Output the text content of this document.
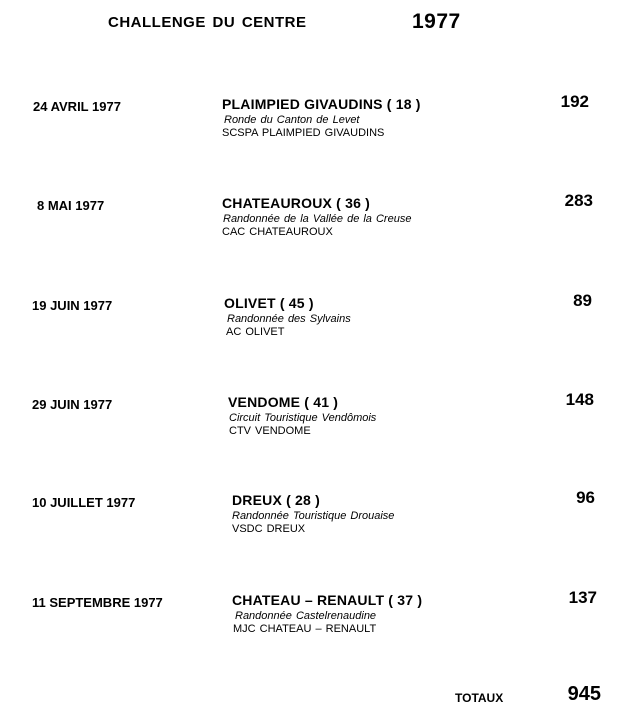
CHALLENGE DU CENTRE	1977
24 AVRIL 1977	PLAIMPIED GIVAUDINS ( 18 )
Ronde du Canton de Levet
SCSPA PLAIMPIED GIVAUDINS
192
8 MAI 1977	CHATEAUROUX ( 36 )
Randonnée de la Vallée de la Creuse
CAC CHATEAUROUX
283
19 JUIN 1977	OLIVET ( 45 )
Randonnée des Sylvains
AC OLIVET
89
29 JUIN 1977	VENDOME ( 41 )
Circuit Touristique Vendômois
CTV VENDOME
148
10 JUILLET 1977	DREUX ( 28 )
Randonnée Touristique Drouaise
VSDC DREUX
96
11 SEPTEMBRE 1977	CHATEAU – RENAULT ( 37 )
Randonnée Castelrenaudine
MJC CHATEAU – RENAULT
137
TOTAUX	945
